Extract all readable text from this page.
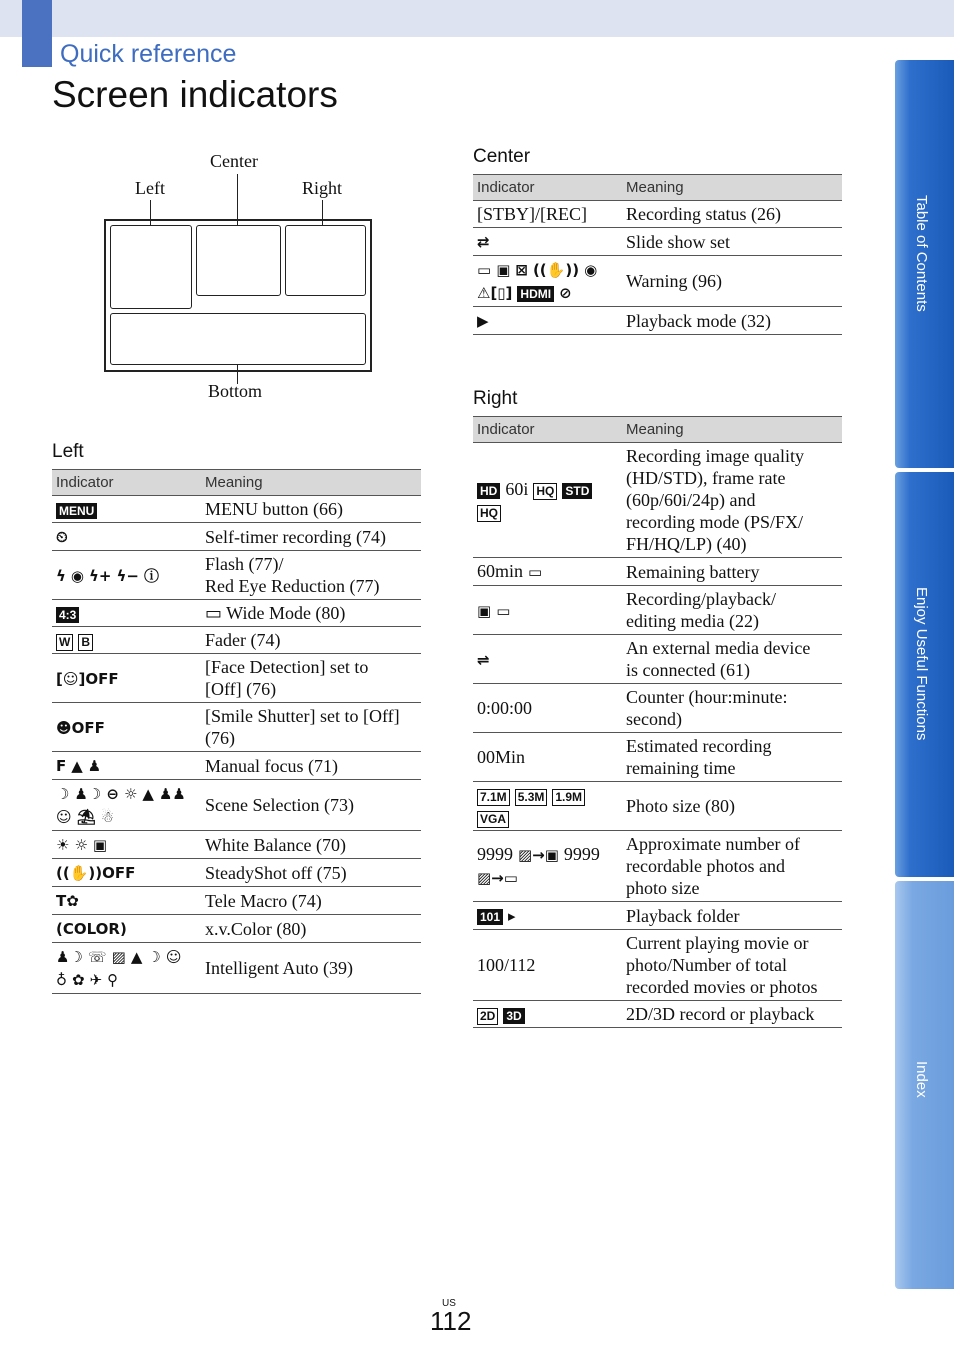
Quick reference
Screen indicators
Table of Contents
Enjoy Useful Functions
Index
Center
Left	Right
Bottom
Left
Indicator	Meaning
MENU	MENU button (66)
⏲	Self-timer recording (74)
ϟ ◉ ϟ+ ϟ− ⓘ	Flash (77)/
Red Eye Reduction (77)
4:3	▭ Wide Mode (80)
W B	Fader (74)
[☺]OFF	[Face Detection] set to
[Off] (76)
☻OFF	[Smile Shutter] set to [Off]
(76)
F ▲ ♟	Manual focus (71)
☽ ♟☽ ⊖ ☼ ▲ ♟♟☺ ⛱ ☃	Scene Selection (73)
☀ ☼ ▣	White Balance (70)
((✋))OFF	SteadyShot off (75)
T✿	Tele Macro (74)
(COLOR)	x.v.Color (80)
♟☽ ☏ ▨ ▲ ☽ ☺♁ ✿ ✈ ⚲	Intelligent Auto (39)
Center
Indicator	Meaning
[STBY]/[REC]	Recording status (26)
⇄	Slide show set
▭ ▣ ⊠ ((✋)) ◉⚠[▯] HDMI ⊘	Warning (96)
▶	Playback mode (32)
Right
Indicator	Meaning
HD 60i HQ STDHQ	Recording image quality
(HD/STD), frame rate
(60p/60i/24p) and
recording mode (PS/FX/
FH/HQ/LP) (40)
60min ▭	Remaining battery
▣ ▭	Recording/playback/
editing media (22)
⇌	An external media device
is connected (61)
0:00:00	Counter (hour:minute:
second)
00Min	Estimated recording
remaining time
7.1M 5.3M 1.9MVGA	Photo size (80)
9999 ▨→▣ 9999▨→▭	Approximate number of
recordable photos and
photo size
101 ▸	Playback folder
100/112	Current playing movie or
photo/Number of total
recorded movies or photos
2D 3D	2D/3D record or playback
US
112
